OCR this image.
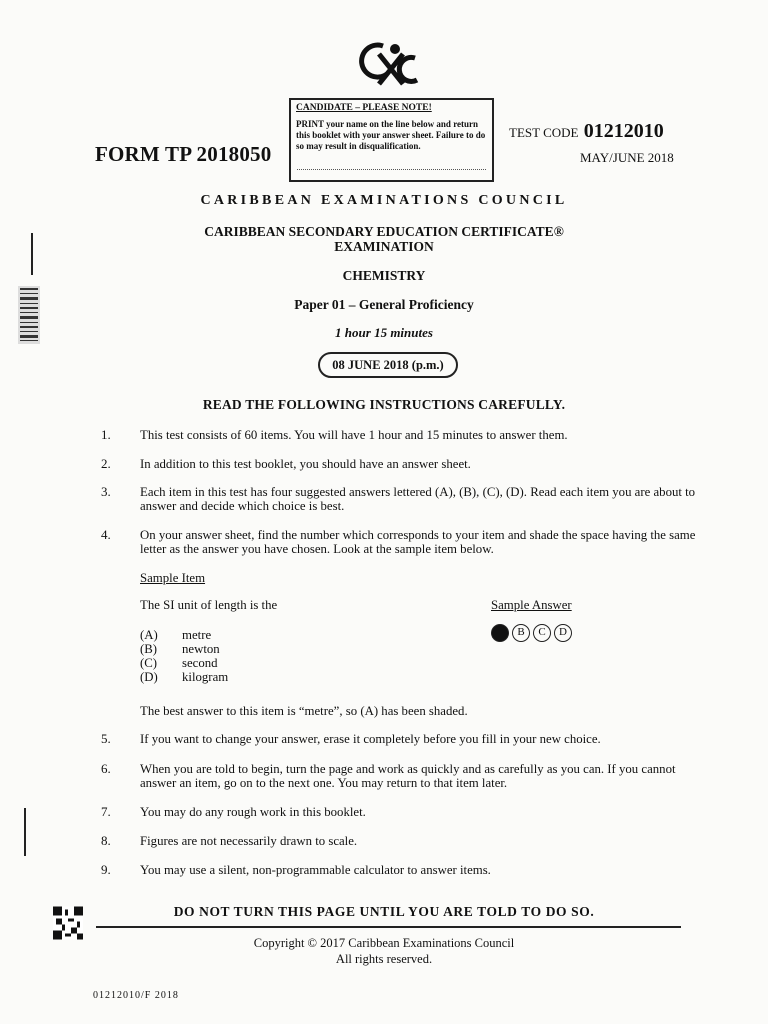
CANDIDATE – PLEASE NOTE!
PRINT your name on the line below and return this booklet with your answer sheet. Failure to do so may result in disqualification.
FORM TP 2018050
TEST CODE 01212010
MAY/JUNE 2018
CARIBBEAN EXAMINATIONS COUNCIL
CARIBBEAN SECONDARY EDUCATION CERTIFICATE®
EXAMINATION
CHEMISTRY
Paper 01 – General Proficiency
1 hour 15 minutes
08 JUNE 2018 (p.m.)
READ THE FOLLOWING INSTRUCTIONS CAREFULLY.
1. This test consists of 60 items. You will have 1 hour and 15 minutes to answer them.
2. In addition to this test booklet, you should have an answer sheet.
3. Each item in this test has four suggested answers lettered (A), (B), (C), (D). Read each item you are about to answer and decide which choice is best.
4. On your answer sheet, find the number which corresponds to your item and shade the space having the same letter as the answer you have chosen. Look at the sample item below.
Sample Item
The SI unit of length is the	Sample Answer
(A) metre
(B) newton
(C) second
(D) kilogram
B	C	D
The best answer to this item is “metre”, so (A) has been shaded.
5. If you want to change your answer, erase it completely before you fill in your new choice.
6. When you are told to begin, turn the page and work as quickly and as carefully as you can. If you cannot answer an item, go on to the next one. You may return to that item later.
7. You may do any rough work in this booklet.
8. Figures are not necessarily drawn to scale.
9. You may use a silent, non-programmable calculator to answer items.
DO NOT TURN THIS PAGE UNTIL YOU ARE TOLD TO DO SO.
Copyright © 2017 Caribbean Examinations Council
All rights reserved.
01212010/F 2018
